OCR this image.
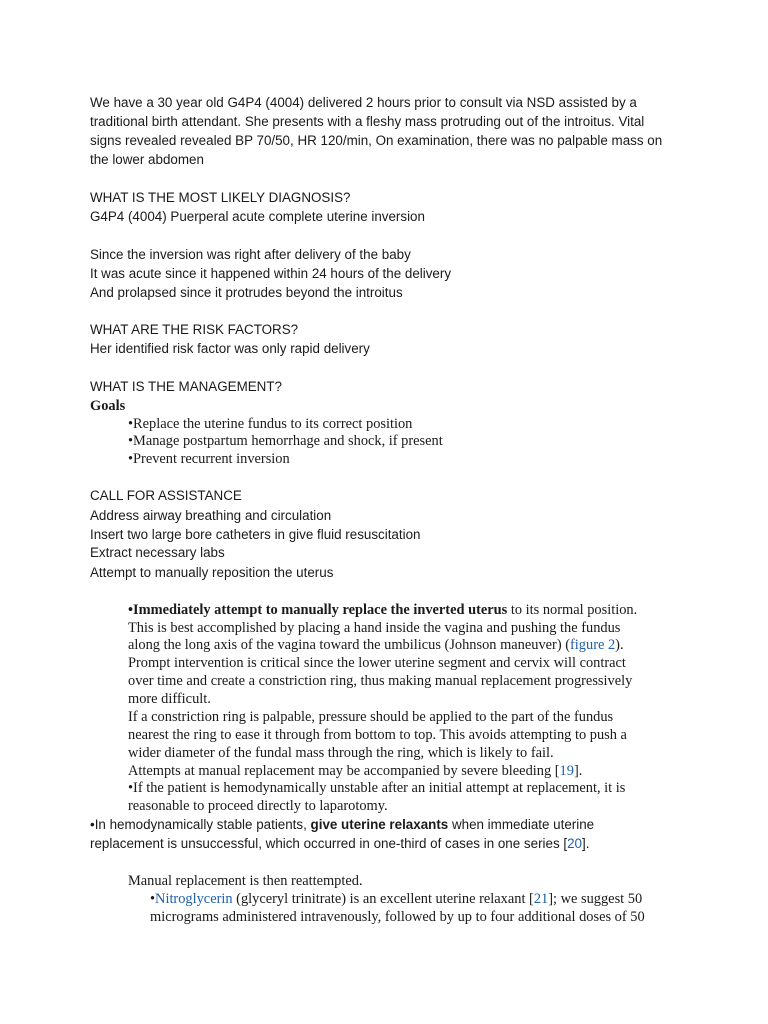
We have a 30 year old G4P4 (4004) delivered 2 hours prior to consult via NSD assisted by a
traditional birth attendant. She presents with a fleshy mass protruding out of the introitus. Vital
signs revealed revealed BP 70/50, HR 120/min, On examination, there was no palpable mass on
the lower abdomen
WHAT IS THE MOST LIKELY DIAGNOSIS?
G4P4 (4004) Puerperal acute complete uterine inversion
Since the inversion was right after delivery of the baby
It was acute since it happened within 24 hours of the delivery
And prolapsed since it protrudes beyond the introitus
WHAT ARE THE RISK FACTORS?
Her identified risk factor was only rapid delivery
WHAT IS THE MANAGEMENT?
Goals
•Replace the uterine fundus to its correct position
•Manage postpartum hemorrhage and shock, if present
•Prevent recurrent inversion
CALL FOR ASSISTANCE
Address airway breathing and circulation
Insert two large bore catheters in give fluid resuscitation
Extract necessary labs
Attempt to manually reposition the uterus
•Immediately attempt to manually replace the inverted uterus to its normal position.
This is best accomplished by placing a hand inside the vagina and pushing the fundus
along the long axis of the vagina toward the umbilicus (Johnson maneuver) (figure 2).
Prompt intervention is critical since the lower uterine segment and cervix will contract
over time and create a constriction ring, thus making manual replacement progressively
more difficult.
If a constriction ring is palpable, pressure should be applied to the part of the fundus
nearest the ring to ease it through from bottom to top. This avoids attempting to push a
wider diameter of the fundal mass through the ring, which is likely to fail.
Attempts at manual replacement may be accompanied by severe bleeding [19].
•If the patient is hemodynamically unstable after an initial attempt at replacement, it is
reasonable to proceed directly to laparotomy.
•In hemodynamically stable patients, give uterine relaxants when immediate uterine
replacement is unsuccessful, which occurred in one-third of cases in one series [20].
Manual replacement is then reattempted.
•Nitroglycerin (glyceryl trinitrate) is an excellent uterine relaxant [21]; we suggest 50
micrograms administered intravenously, followed by up to four additional doses of 50
